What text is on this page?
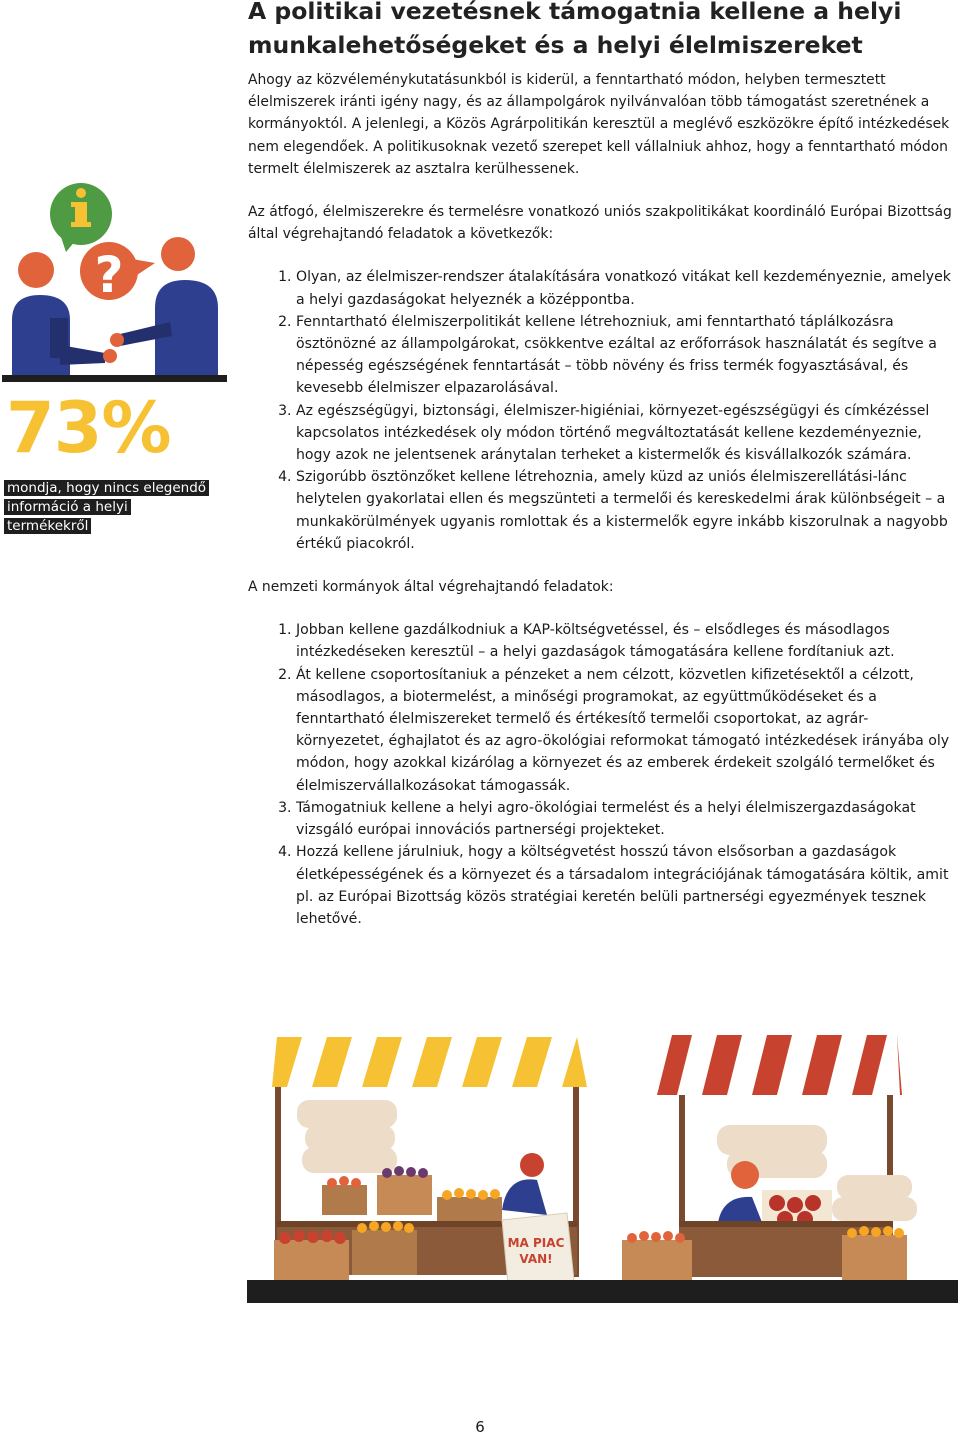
?

73%

mondja, hogy nincs elegendő információ a helyi termékekről

A politikai vezetésnek támogatnia kellene a helyi munkalehetőségeket és a helyi élelmiszereket

Ahogy az közvéleménykutatásunkból is kiderül, a fenntartható módon, helyben termesztett élelmiszerek iránti igény nagy, és az állampolgárok nyilvánvalóan több támogatást szeretnének a kormányoktól. A jelenlegi, a Közös Agrárpolitikán keresztül a meglévő eszközökre építő intézkedések nem elegendőek. A politikusoknak vezető szerepet kell vállalniuk ahhoz, hogy a fenntartható módon termelt élelmiszerek az asztalra kerülhessenek.

Az átfogó, élelmiszerekre és termelésre vonatkozó uniós szakpolitikákat koordináló Európai Bizottság által végrehajtandó feladatok a következők:

1. Olyan, az élelmiszer-rendszer átalakítására vonatkozó vitákat kell kezdeményeznie, amelyek a helyi gazdaságokat helyeznék a középpontba.
2. Fenntartható élelmiszerpolitikát kellene létrehozniuk, ami fenntartható táplálkozásra ösztönözné az állampolgárokat, csökkentve ezáltal az erőforrások használatát és segítve a népesség egészségének fenntartását – több növény és friss termék fogyasztásával, és kevesebb élelmiszer elpazarolásával.
3. Az egészségügyi, biztonsági, élelmiszer-higiéniai, környezet-egészségügyi és címkézéssel kapcsolatos intézkedések oly módon történő megváltoztatását kellene kezdeményeznie, hogy azok ne jelentsenek aránytalan terheket a kistermelők és kisvállalkozók számára.
4. Szigorúbb ösztönzőket kellene létrehoznia, amely küzd az uniós élelmiszerellátási-lánc helytelen gyakorlatai ellen és megszünteti a termelői és kereskedelmi árak különbségeit – a munkakörülmények ugyanis romlottak és a kistermelők egyre inkább kiszorulnak a nagyobb értékű piacokról.

A nemzeti kormányok által végrehajtandó feladatok:

1. Jobban kellene gazdálkodniuk a KAP-költségvetéssel, és – elsődleges és másodlagos intézkedéseken keresztül – a helyi gazdaságok támogatására kellene fordítaniuk azt.
2. Át kellene csoportosítaniuk a pénzeket a nem célzott, közvetlen kifizetésektől a célzott, másodlagos, a biotermelést, a minőségi programokat, az együttműködéseket és a fenntartható élelmiszereket termelő és értékesítő termelői csoportokat, az agrár-környezetet, éghajlatot és az agro-ökológiai reformokat támogató intézkedések irányába oly módon, hogy azokkal kizárólag a környezet és az emberek érdekeit szolgáló termelőket és élelmiszervállalkozásokat támogassák.
3. Támogatniuk kellene a helyi agro-ökológiai termelést és a helyi élelmiszergazdaságokat vizsgáló európai innovációs partnerségi projekteket.
4. Hozzá kellene járulniuk, hogy a költségvetést hosszú távon elsősorban a gazdaságok életképességének és a környezet és a társadalom integrációjának támogatására költik, amit pl. az Európai Bizottság közös stratégiai keretén belüli partnerségi egyezmények tesznek lehetővé.
MA PIAC
VAN!

6
